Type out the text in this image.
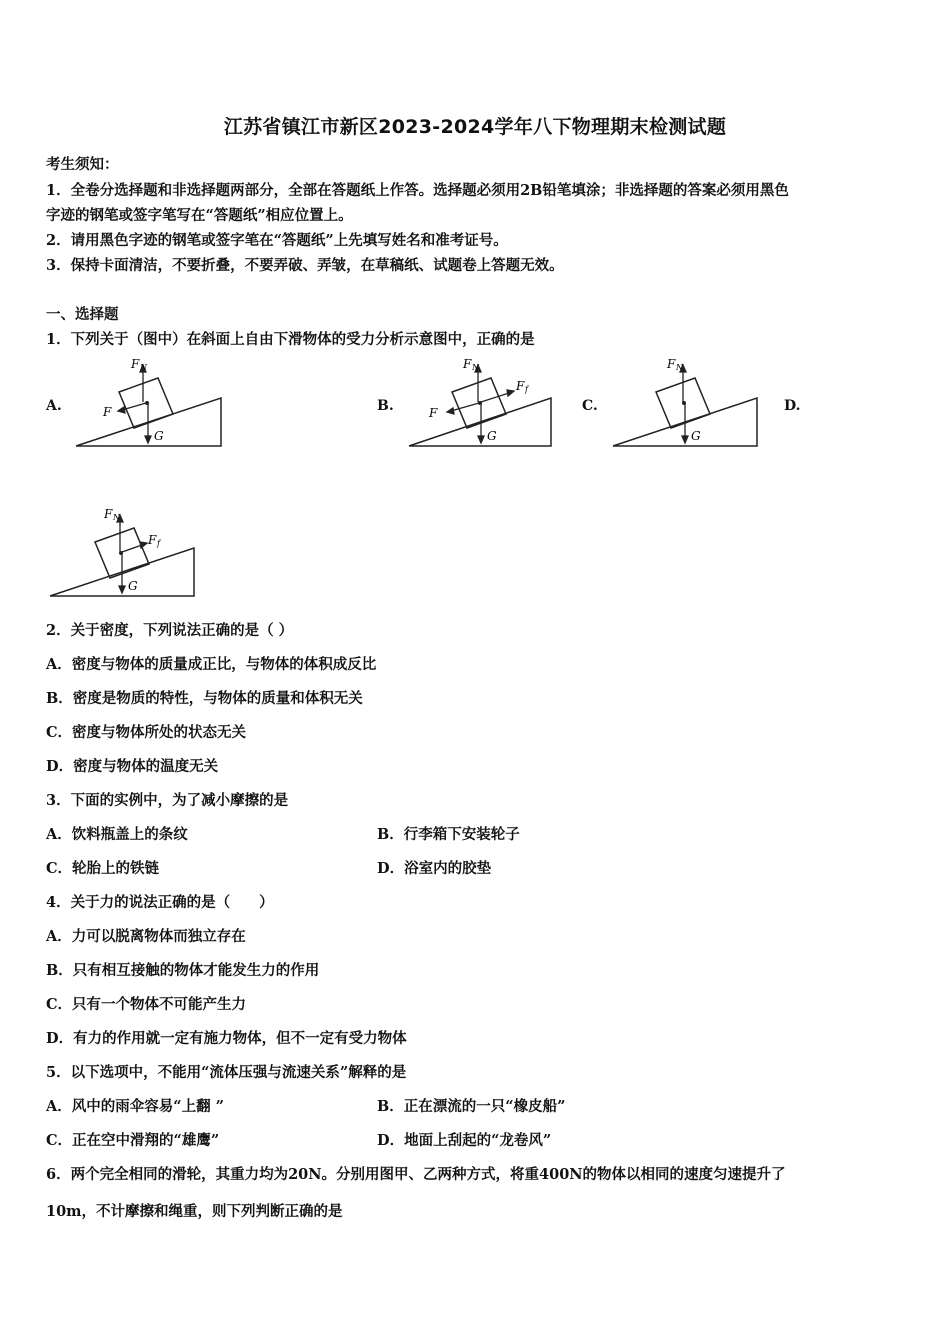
江苏省镇江市新区2023-2024学年八下物理期末检测试题
考生须知：
1．全卷分选择题和非选择题两部分，全部在答题纸上作答。选择题必须用2B铅笔填涂；非选择题的答案必须用黑色
字迹的钢笔或签字笔写在“答题纸”相应位置上。
2．请用黑色字迹的钢笔或签字笔在“答题纸”上先填写姓名和准考证号。
3．保持卡面清洁，不要折叠，不要弄破、弄皱，在草稿纸、试题卷上答题无效。
一、选择题
1．下列关于（图中）在斜面上自由下滑物体的受力分析示意图中，正确的是
A.	B.	C.	D.
F N
F
G
F N
F
F f
G
F N
G
F N
F f
G
2．关于密度，下列说法正确的是（ ）
A．密度与物体的质量成正比，与物体的体积成反比
B．密度是物质的特性，与物体的质量和体积无关
C．密度与物体所处的状态无关
D．密度与物体的温度无关
3．下面的实例中，为了减小摩擦的是
A．饮料瓶盖上的条纹	B．行李箱下安装轮子
C．轮胎上的铁链	D．浴室内的胶垫
4．关于力的说法正确的是（　　）
A．力可以脱离物体而独立存在
B．只有相互接触的物体才能发生力的作用
C．只有一个物体不可能产生力
D．有力的作用就一定有施力物体，但不一定有受力物体
5．以下选项中，不能用“流体压强与流速关系”解释的是
A．风中的雨伞容易“上翻 ”	B．正在漂流的一只“橡皮船”
C．正在空中滑翔的“雄鹰”	D．地面上刮起的“龙卷风”
6．两个完全相同的滑轮，其重力均为20N。分别用图甲、乙两种方式，将重400N的物体以相同的速度匀速提升了
10m，不计摩擦和绳重，则下列判断正确的是
